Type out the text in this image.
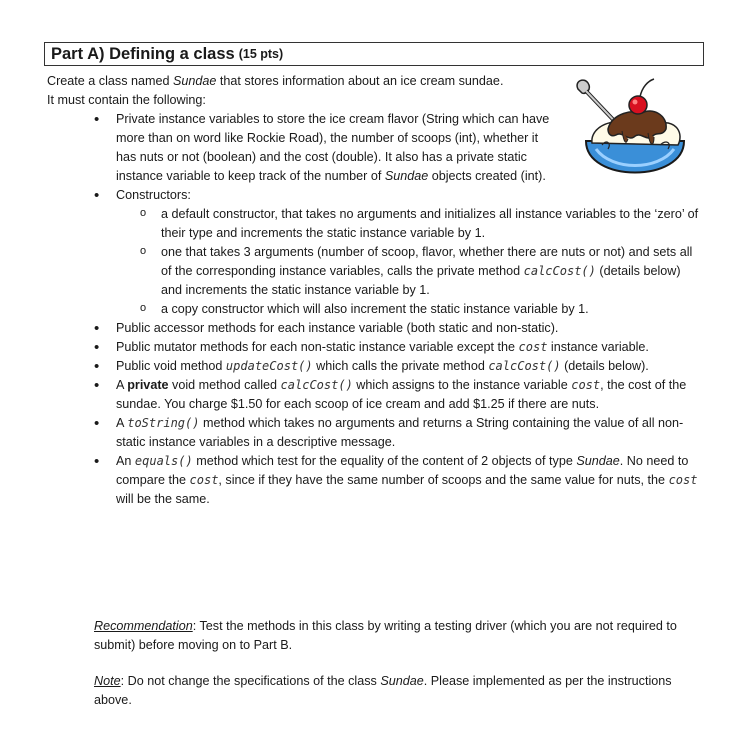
Part A) Defining a class (15 pts)
Create a class named Sundae that stores information about an ice cream sundae.
It must contain the following:
• Private instance variables to store the ice cream flavor (String which can have more than on word like Rockie Road), the number of scoops (int), whether it has nuts or not (boolean) and the cost (double). It also has a private static instance variable to keep track of the number of Sundae objects created (int).
• Constructors:
o a default constructor, that takes no arguments and initializes all instance variables to the ‘zero’ of their type and increments the static instance variable by 1.
o one that takes 3 arguments (number of scoop, flavor, whether there are nuts or not) and sets all of the corresponding instance variables, calls the private method calcCost() (details below) and increments the static instance variable by 1.
o a copy constructor which will also increment the static instance variable by 1.
• Public accessor methods for each instance variable (both static and non-static).
• Public mutator methods for each non-static instance variable except the cost instance variable.
• Public void method updateCost() which calls the private method calcCost() (details below).
• A private void method called calcCost() which assigns to the instance variable cost, the cost of the sundae. You charge $1.50 for each scoop of ice cream and add $1.25 if there are nuts.
• A toString() method which takes no arguments and returns a String containing the value of all non-static instance variables in a descriptive message.
• An equals() method which test for the equality of the content of 2 objects of type Sundae. No need to compare the cost, since if they have the same number of scoops and the same value for nuts, the cost will be the same.
Recommendation: Test the methods in this class by writing a testing driver (which you are not required to submit) before moving on to Part B.
Note: Do not change the specifications of the class Sundae. Please implemented as per the instructions above.
